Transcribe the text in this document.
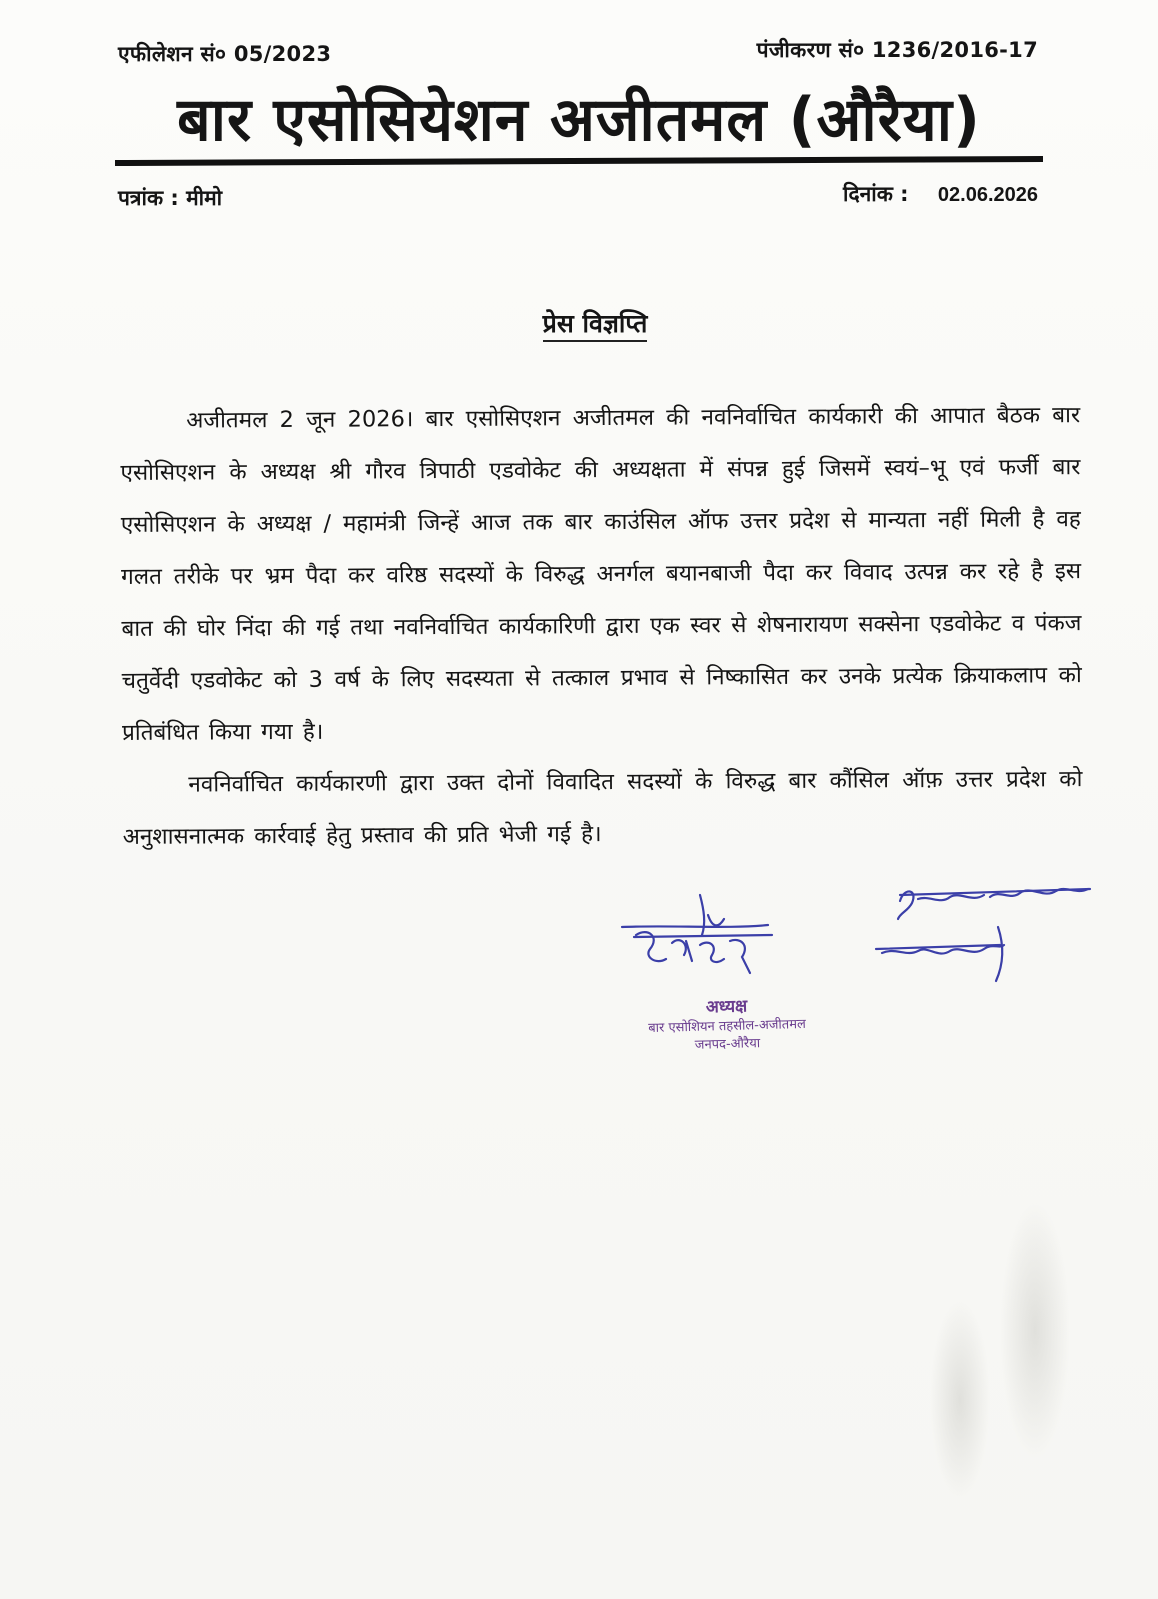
एफीलेशन सं० 05/2023	पंजीकरण सं० 1236/2016-17
बार एसोसियेशन अजीतमल (औरैया)
पत्रांक : मीमो	दिनांक : 02.06.2026
प्रेस विज्ञप्ति

अजीतमल 2 जून 2026। बार एसोसिएशन अजीतमल की नवनिर्वाचित कार्यकारी की आपात बैठक बार एसोसिएशन के अध्यक्ष श्री गौरव त्रिपाठी एडवोकेट की अध्यक्षता में संपन्न हुई जिसमें स्वयं–भू एवं फर्जी बार एसोसिएशन के अध्यक्ष / महामंत्री जिन्हें आज तक बार काउंसिल ऑफ उत्तर प्रदेश से मान्यता नहीं मिली है वह गलत तरीके पर भ्रम पैदा कर वरिष्ठ सदस्यों के विरुद्ध अनर्गल बयानबाजी पैदा कर विवाद उत्पन्न कर रहे है इस बात की घोर निंदा की गई तथा नवनिर्वाचित कार्यकारिणी द्वारा एक स्वर से शेषनारायण सक्सेना एडवोकेट व पंकज चतुर्वेदी एडवोकेट को 3 वर्ष के लिए सदस्यता से तत्काल प्रभाव से निष्कासित कर उनके प्रत्येक क्रियाकलाप को प्रतिबंधित किया गया है।

नवनिर्वाचित कार्यकारणी द्वारा उक्त दोनों विवादित सदस्यों के विरुद्ध बार कौंसिल ऑफ़ उत्तर प्रदेश को अनुशासनात्मक कार्रवाई हेतु प्रस्ताव की प्रति भेजी गई है।

अध्यक्ष
बार एसोशियन तहसील-अजीतमल
जनपद-औरैया
